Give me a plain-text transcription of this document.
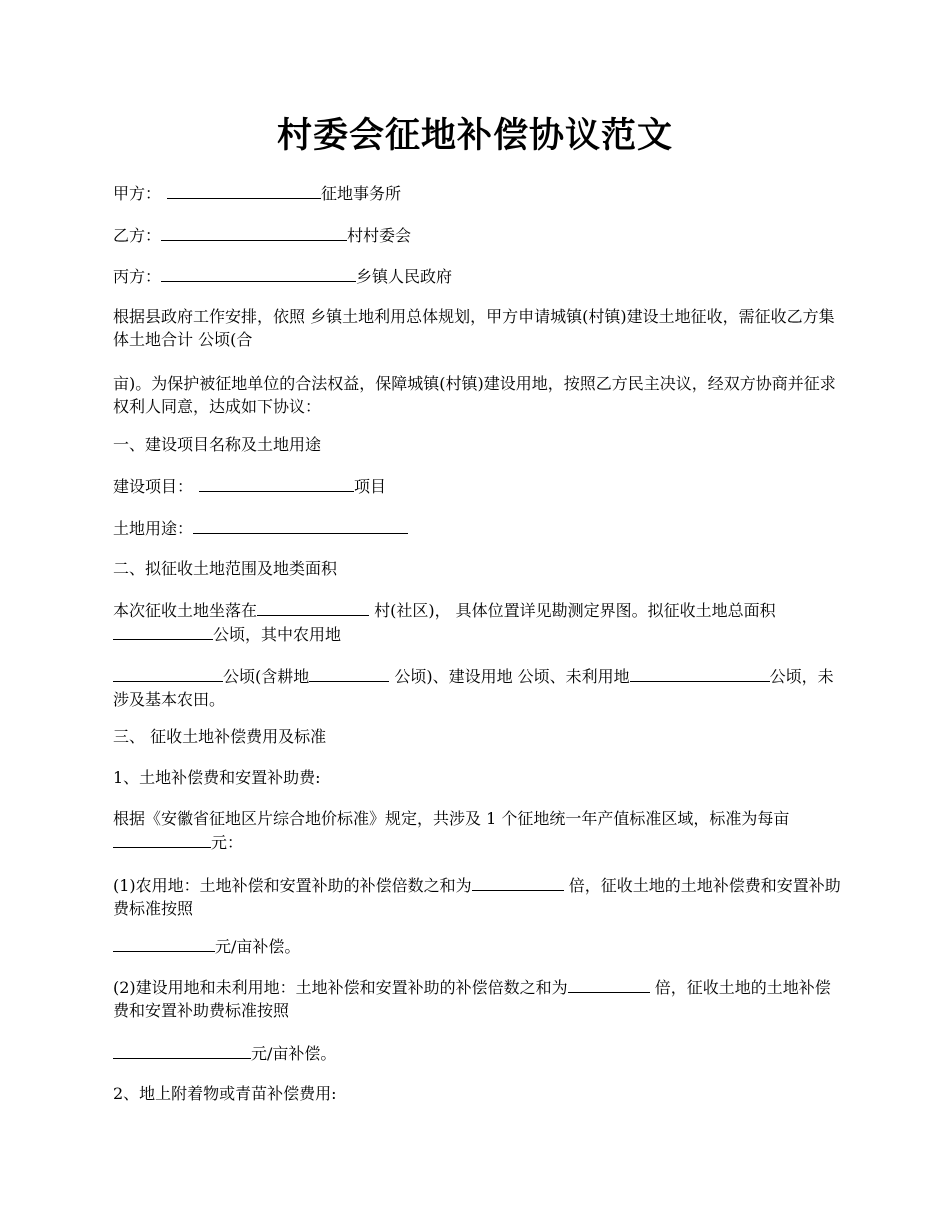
村委会征地补偿协议范文
甲方：	征地事务所
乙方：	村村委会
丙方：	乡镇人民政府
根据县政府工作安排，依照 乡镇土地利用总体规划，甲方申请城镇(村镇)建设土地征收，需征收乙方集体土地合计 公顷(合
亩)。为保护被征地单位的合法权益，保障城镇(村镇)建设用地，按照乙方民主决议，经双方协商并征求权利人同意，达成如下协议：
一、建设项目名称及土地用途
建设项目：	项目
土地用途：
二、拟征收土地范围及地类面积
本次征收土地坐落在	村(社区)， 具体位置详见勘测定界图。拟征收土地总面积 公顷，其中农用地
公顷(含耕地	公顷)、建设用地 公顷、未利用地	公顷，未涉及基本农田。
三、 征收土地补偿费用及标准
1、土地补偿费和安置补助费:
根据《安徽省征地区片综合地价标准》规定，共涉及 1 个征地统一年产值标准区域，标准为每亩 元：
(1)农用地：土地补偿和安置补助的补偿倍数之和为	倍，征收土地的土地补偿费和安置补助费标准按照
元/亩补偿。
(2)建设用地和未利用地：土地补偿和安置补助的补偿倍数之和为	倍，征收土地的土地补偿费和安置补助费标准按照
元/亩补偿。
2、地上附着物或青苗补偿费用:
